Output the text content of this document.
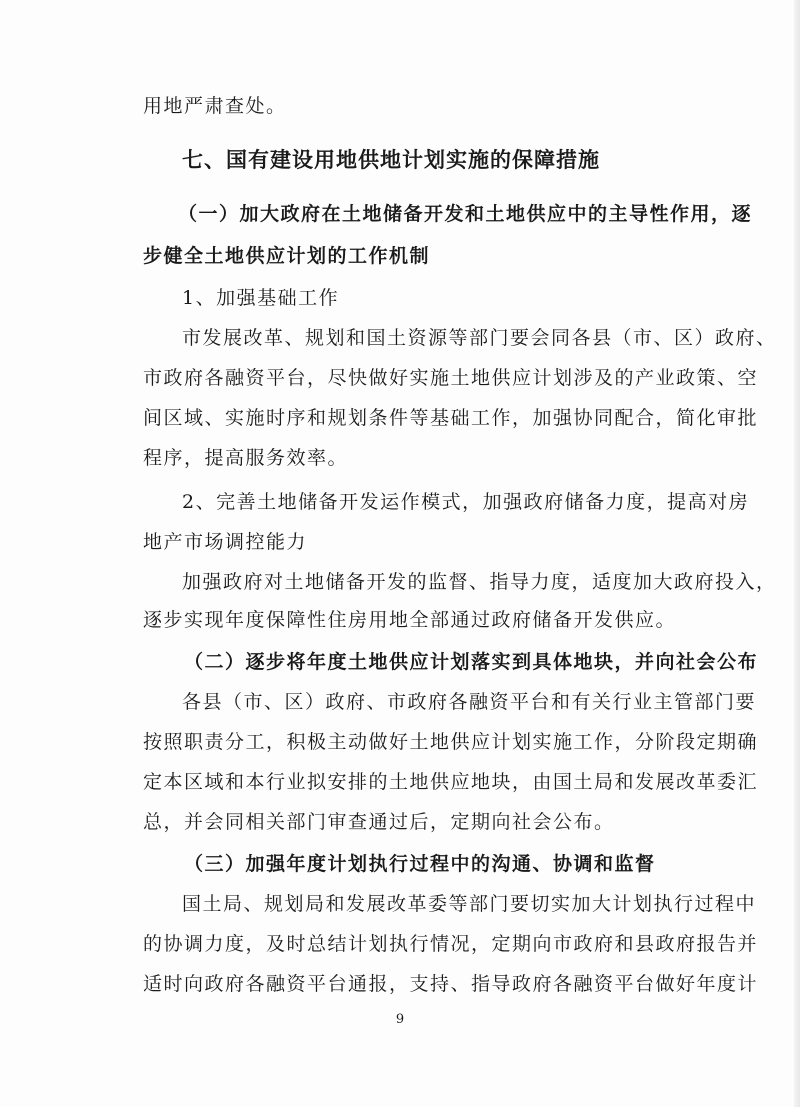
用地严肃查处。
七、国有建设用地供地计划实施的保障措施
（一）加大政府在土地储备开发和土地供应中的主导性作用，逐
步健全土地供应计划的工作机制
1、加强基础工作
市发展改革、规划和国土资源等部门要会同各县（市、区）政府、
市政府各融资平台，尽快做好实施土地供应计划涉及的产业政策、空
间区域、实施时序和规划条件等基础工作，加强协同配合，简化审批
程序，提高服务效率。
2、完善土地储备开发运作模式，加强政府储备力度，提高对房
地产市场调控能力
加强政府对土地储备开发的监督、指导力度，适度加大政府投入，
逐步实现年度保障性住房用地全部通过政府储备开发供应。
（二）逐步将年度土地供应计划落实到具体地块，并向社会公布
各县（市、区）政府、市政府各融资平台和有关行业主管部门要
按照职责分工，积极主动做好土地供应计划实施工作，分阶段定期确
定本区域和本行业拟安排的土地供应地块，由国土局和发展改革委汇
总，并会同相关部门审查通过后，定期向社会公布。
（三）加强年度计划执行过程中的沟通、协调和监督
国土局、规划局和发展改革委等部门要切实加大计划执行过程中
的协调力度，及时总结计划执行情况，定期向市政府和县政府报告并
适时向政府各融资平台通报，支持、指导政府各融资平台做好年度计
9
